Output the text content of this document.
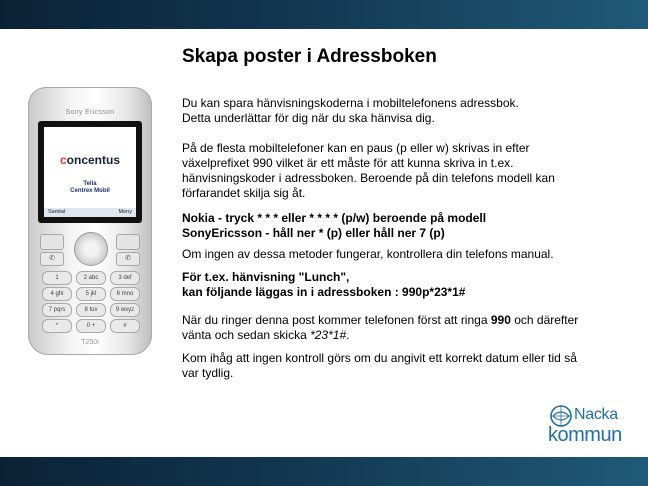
Skapa poster i Adressboken
Sony Ericsson
concentus
Telia
Centrex Mobil
Samtal	Meny
✆	✆
1	2 abc	3 def
4 ghi	5 jkl	6 mno
7 pqrs	8 tuv	9 wxyz
*	0 +	#
T250i

Du kan spara hänvisningskoderna i mobiltelefonens adressbok.
Detta underlättar för dig när du ska hänvisa dig.

På de flesta mobiltelefoner kan en paus (p eller w) skrivas in efter
växelprefixet 990 vilket är ett måste för att kunna skriva in t.ex.
hänvisningskoder i adressboken. Beroende på din telefons modell kan
förfarandet skilja sig åt.

Nokia - tryck * * * eller * * * * (p/w) beroende på modell
SonyEricsson - håll ner * (p) eller håll ner 7 (p)

Om ingen av dessa metoder fungerar, kontrollera din telefons manual.

För t.ex. hänvisning "Lunch",
kan följande läggas in i adressboken : 990p*23*1#

När du ringer denna post kommer telefonen först att ringa 990 och därefter
vänta och sedan skicka *23*1#.

Kom ihåg att ingen kontroll görs om du angivit ett korrekt datum eller tid så
var tydlig.

Nacka
kommun
